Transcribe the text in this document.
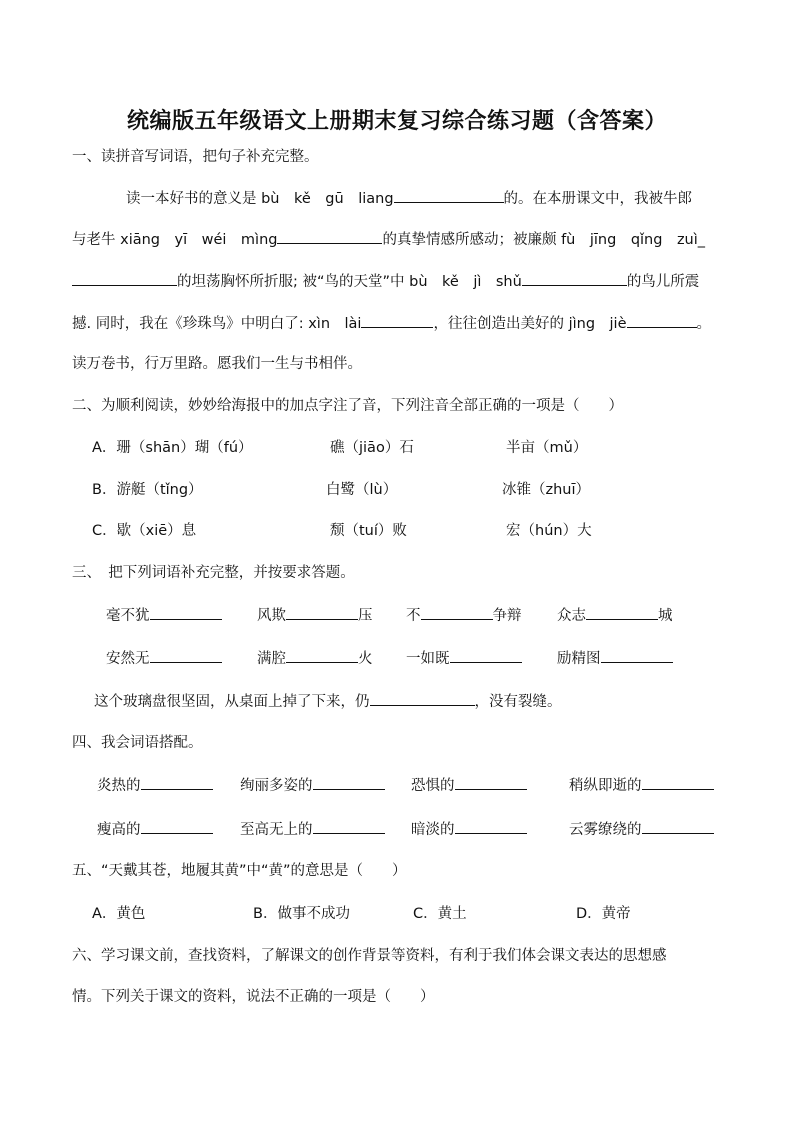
统编版五年级语文上册期末复习综合练习题（含答案）
一、读拼音写词语，把句子补充完整。
读一本好书的意义是 bù　kě　gū　liang	的。在本册课文中，我被牛郎
与老牛 xiāng　yī　wéi　mìng	的真挚情感所感动；被廉颇 fù　jīng　qǐng　zuì_
的坦荡胸怀所折服; 被“鸟的天堂”中 bù　kě　jì　shǔ	的鸟儿所震
撼. 同时，我在《珍珠鸟》中明白了: xìn　lài	，往往创造出美好的 jìng　jiè	。
读万卷书，行万里路。愿我们一生与书相伴。
二、为顺利阅读，妙妙给海报中的加点字注了音，下列注音全部正确的一项是（　　）
A．珊（shān）瑚（fú）	礁（jiāo）石	半亩（mǔ）
B．游艇（tǐng）	白鹭（lù）	冰锥（zhuī）
C．歇（xiē）息	颓（tuí）败	宏（hún）大
三、　把下列词语补充完整，并按要求答题。
毫不犹	风欺	压 不	争辩 众志	城
安然无	满腔	火 一如既	励精图
这个玻璃盘很坚固，从桌面上掉了下来，仍	，没有裂缝。
四、我会词语搭配。
炎热的	绚丽多姿的	恐惧的	稍纵即逝的
瘦高的	至高无上的	暗淡的	云雾缭绕的
五、“天戴其苍，地履其黄”中“黄”的意思是（　　）
A．黄色	B．做事不成功	C．黄土	D．黄帝
六、学习课文前，查找资料，了解课文的创作背景等资料，有利于我们体会课文表达的思想感
情。下列关于课文的资料，说法不正确的一项是（　　）
